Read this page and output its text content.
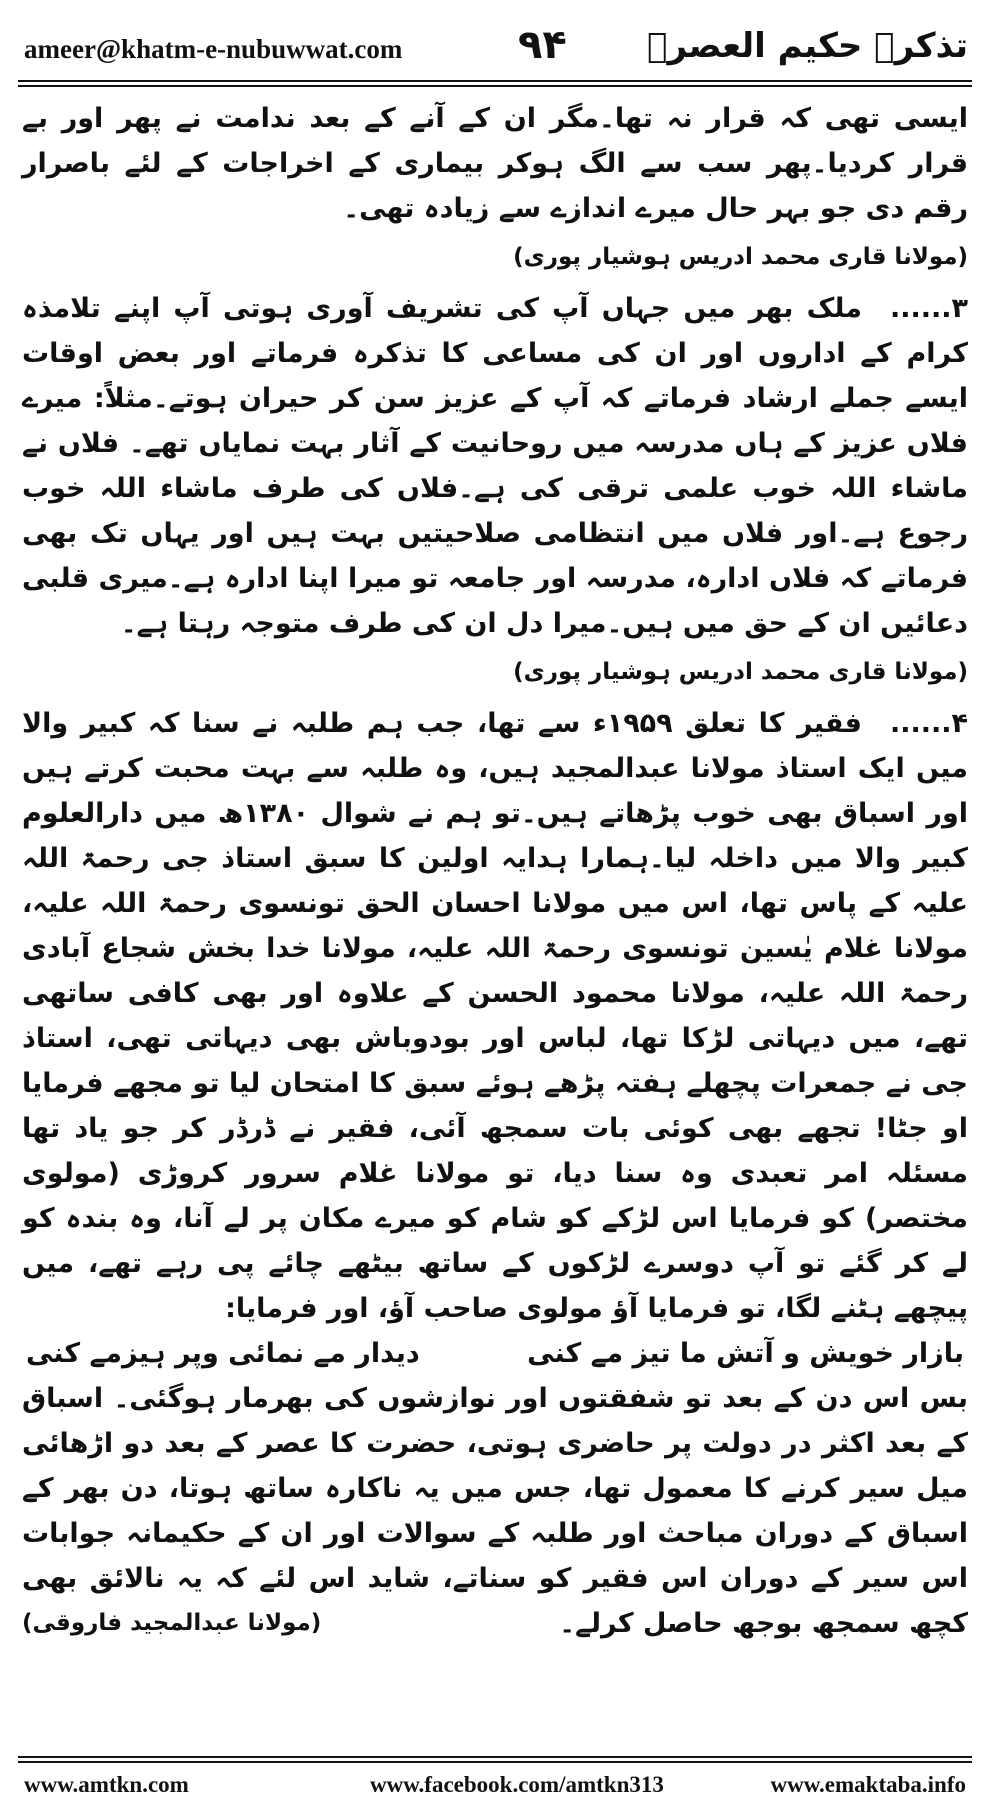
ameer@khatm-e-nubuwwat.com	۹۴ تذکرہ حکیم العصرؒ

ایسی تھی کہ قرار نہ تھا۔مگر ان کے آنے کے بعد ندامت نے پھر اور بے قرار کردیا۔پھر سب سے الگ ہوکر بیماری کے اخراجات کے لئے باصرار رقم دی جو بہر حال میرے اندازے سے زیادہ تھی۔

(مولانا قاری محمد ادریس ہوشیار پوری)

۳......ملک بھر میں جہاں آپ کی تشریف آوری ہوتی آپ اپنے تلامذہ کرام کے اداروں اور ان کی مساعی کا تذکرہ فرماتے اور بعض اوقات ایسے جملے ارشاد فرماتے کہ آپ کے عزیز سن کر حیران ہوتے۔مثلاً: میرے فلاں عزیز کے ہاں مدرسہ میں روحانیت کے آثار بہت نمایاں تھے۔ فلاں نے ماشاء اللہ خوب علمی ترقی کی ہے۔فلاں کی طرف ماشاء اللہ خوب رجوع ہے۔اور فلاں میں انتظامی صلاحیتیں بہت ہیں اور یہاں تک بھی فرماتے کہ فلاں ادارہ، مدرسہ اور جامعہ تو میرا اپنا ادارہ ہے۔میری قلبی دعائیں ان کے حق میں ہیں۔میرا دل ان کی طرف متوجہ رہتا ہے۔

(مولانا قاری محمد ادریس ہوشیار پوری)

۴......فقیر کا تعلق ۱۹۵۹ء سے تھا، جب ہم طلبہ نے سنا کہ کبیر والا میں ایک استاذ مولانا عبدالمجید ہیں، وہ طلبہ سے بہت محبت کرتے ہیں اور اسباق بھی خوب پڑھاتے ہیں۔تو ہم نے شوال ۱۳۸۰ھ میں دارالعلوم کبیر والا میں داخلہ لیا۔ہمارا ہدایہ اولین کا سبق استاذ جی رحمۃ اللہ علیہ کے پاس تھا، اس میں مولانا احسان الحق تونسوی رحمۃ اللہ علیہ، مولانا غلام یٰسین تونسوی رحمۃ اللہ علیہ، مولانا خدا بخش شجاع آبادی رحمۃ اللہ علیہ، مولانا محمود الحسن کے علاوہ اور بھی کافی ساتھی تھے، میں دیہاتی لڑکا تھا، لباس اور بودوباش بھی دیہاتی تھی، استاذ جی نے جمعرات پچھلے ہفتہ پڑھے ہوئے سبق کا امتحان لیا تو مجھے فرمایا او جٹا! تجھے بھی کوئی بات سمجھ آئی، فقیر نے ڈرڈر کر جو یاد تھا مسئلہ امر تعبدی وہ سنا دیا، تو مولانا غلام سرور کروڑی (مولوی مختصر) کو فرمایا اس لڑکے کو شام کو میرے مکان پر لے آنا، وہ بندہ کو لے کر گئے تو آپ دوسرے لڑکوں کے ساتھ بیٹھے چائے پی رہے تھے، میں پیچھے ہٹنے لگا، تو فرمایا آؤ مولوی صاحب آؤ، اور فرمایا:

بازار خویش و آتش ما تیز مے کنی
دیدار مے نمائی وپر ہیزمے کنی

بس اس دن کے بعد تو شفقتوں اور نوازشوں کی بھرمار ہوگئی۔ اسباق کے بعد اکثر در دولت پر حاضری ہوتی، حضرت کا عصر کے بعد دو اڑھائی میل سیر کرنے کا معمول تھا، جس میں یہ ناکارہ ساتھ ہوتا، دن بھر کے اسباق کے دوران مباحث اور طلبہ کے سوالات اور ان کے حکیمانہ جوابات اس سیر کے دوران اس فقیر کو سناتے، شاید اس لئے کہ یہ نالائق بھی کچھ سمجھ بوجھ حاصل کرلے۔
(مولانا عبدالمجید فاروقی)

www.amtkn.com	www.facebook.com/amtkn313	www.emaktaba.info
